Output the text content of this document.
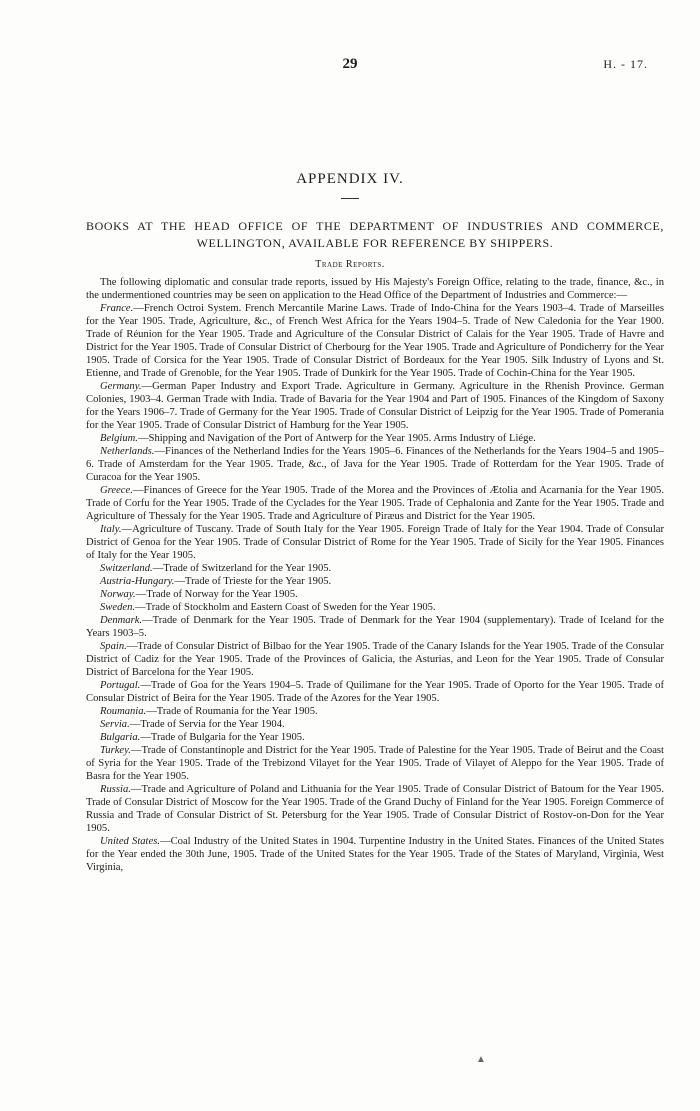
29	H. - 17.
APPENDIX IV.
BOOKS AT THE HEAD OFFICE OF THE DEPARTMENT OF INDUSTRIES AND COMMERCE, WELLINGTON, AVAILABLE FOR REFERENCE BY SHIPPERS.
Trade Reports.

The following diplomatic and consular trade reports, issued by His Majesty's Foreign Office, relating to the trade, finance, &c., in the undermentioned countries may be seen on application to the Head Office of the Department of Industries and Commerce:—

France.—French Octroi System. French Mercantile Marine Laws. Trade of Indo-China for the Years 1903–4. Trade of Marseilles for the Year 1905. Trade, Agriculture, &c., of French West Africa for the Years 1904–5. Trade of New Caledonia for the Year 1900. Trade of Réunion for the Year 1905. Trade and Agriculture of the Consular District of Calais for the Year 1905. Trade of Havre and District for the Year 1905. Trade of Consular District of Cherbourg for the Year 1905. Trade and Agriculture of Pondicherry for the Year 1905. Trade of Corsica for the Year 1905. Trade of Consular District of Bordeaux for the Year 1905. Silk Industry of Lyons and St. Etienne, and Trade of Grenoble, for the Year 1905. Trade of Dunkirk for the Year 1905. Trade of Cochin-China for the Year 1905.

Germany.—German Paper Industry and Export Trade. Agriculture in Germany. Agriculture in the Rhenish Province. German Colonies, 1903–4. German Trade with India. Trade of Bavaria for the Year 1904 and Part of 1905. Finances of the Kingdom of Saxony for the Years 1906–7. Trade of Germany for the Year 1905. Trade of Consular District of Leipzig for the Year 1905. Trade of Pomerania for the Year 1905. Trade of Consular District of Hamburg for the Year 1905.

Belgium.—Shipping and Navigation of the Port of Antwerp for the Year 1905. Arms Industry of Liége.

Netherlands.—Finances of the Netherland Indies for the Years 1905–6. Finances of the Netherlands for the Years 1904–5 and 1905–6. Trade of Amsterdam for the Year 1905. Trade, &c., of Java for the Year 1905. Trade of Rotterdam for the Year 1905. Trade of Curacoa for the Year 1905.

Greece.—Finances of Greece for the Year 1905. Trade of the Morea and the Provinces of Ætolia and Acarnania for the Year 1905. Trade of Corfu for the Year 1905. Trade of the Cyclades for the Year 1905. Trade of Cephalonia and Zante for the Year 1905. Trade and Agriculture of Thessaly for the Year 1905. Trade and Agriculture of Piræus and District for the Year 1905.

Italy.—Agriculture of Tuscany. Trade of South Italy for the Year 1905. Foreign Trade of Italy for the Year 1904. Trade of Consular District of Genoa for the Year 1905. Trade of Consular District of Rome for the Year 1905. Trade of Sicily for the Year 1905. Finances of Italy for the Year 1905.

Switzerland.—Trade of Switzerland for the Year 1905.

Austria-Hungary.—Trade of Trieste for the Year 1905.

Norway.—Trade of Norway for the Year 1905.

Sweden.—Trade of Stockholm and Eastern Coast of Sweden for the Year 1905.

Denmark.—Trade of Denmark for the Year 1905. Trade of Denmark for the Year 1904 (supplementary). Trade of Iceland for the Years 1903–5.

Spain.—Trade of Consular District of Bilbao for the Year 1905. Trade of the Canary Islands for the Year 1905. Trade of the Consular District of Cadiz for the Year 1905. Trade of the Provinces of Galicia, the Asturias, and Leon for the Year 1905. Trade of Consular District of Barcelona for the Year 1905.

Portugal.—Trade of Goa for the Years 1904–5. Trade of Quilimane for the Year 1905. Trade of Oporto for the Year 1905. Trade of Consular District of Beira for the Year 1905. Trade of the Azores for the Year 1905.

Roumania.—Trade of Roumania for the Year 1905.

Servia.—Trade of Servia for the Year 1904.

Bulgaria.—Trade of Bulgaria for the Year 1905.

Turkey.—Trade of Constantinople and District for the Year 1905. Trade of Palestine for the Year 1905. Trade of Beirut and the Coast of Syria for the Year 1905. Trade of the Trebizond Vilayet for the Year 1905. Trade of Vilayet of Aleppo for the Year 1905. Trade of Basra for the Year 1905.

Russia.—Trade and Agriculture of Poland and Lithuania for the Year 1905. Trade of Consular District of Batoum for the Year 1905. Trade of Consular District of Moscow for the Year 1905. Trade of the Grand Duchy of Finland for the Year 1905. Foreign Commerce of Russia and Trade of Consular District of St. Petersburg for the Year 1905. Trade of Consular District of Rostov-on-Don for the Year 1905.

United States.—Coal Industry of the United States in 1904. Turpentine Industry in the United States. Finances of the United States for the Year ended the 30th June, 1905. Trade of the United States for the Year 1905. Trade of the States of Maryland, Virginia, West Virginia,

▲
